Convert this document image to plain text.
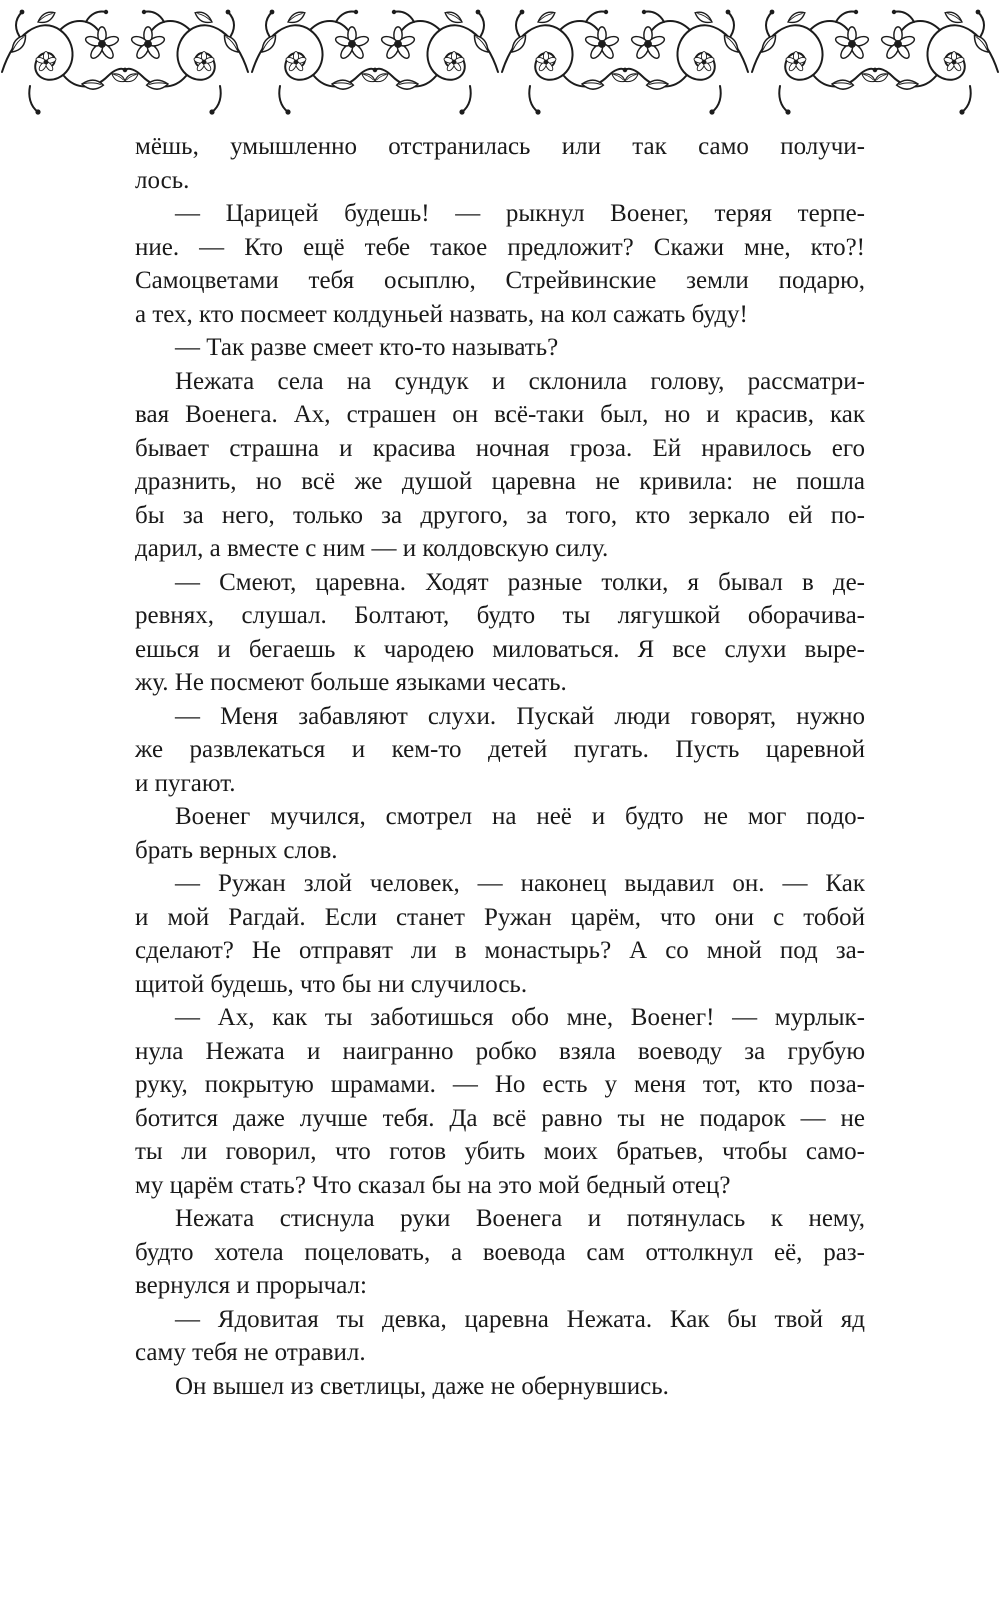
мёшь, умышленно отстранилась или так само получи-
лось.
— Царицей будешь! — рыкнул Военег, теряя терпе-
ние. — Кто ещё тебе такое предложит? Скажи мне, кто?!
Самоцветами тебя осыплю, Стрейвинские земли подарю,
а тех, кто посмеет колдуньей назвать, на кол сажать буду!
— Так разве смеет кто-то называть?
Нежата села на сундук и склонила голову, рассматри-
вая Военега. Ах, страшен он всё-таки был, но и красив, как
бывает страшна и красива ночная гроза. Ей нравилось его
дразнить, но всё же душой царевна не кривила: не пошла
бы за него, только за другого, за того, кто зеркало ей по-
дарил, а вместе с ним — и колдовскую силу.
— Смеют, царевна. Ходят разные толки, я бывал в де-
ревнях, слушал. Болтают, будто ты лягушкой оборачива-
ешься и бегаешь к чародею миловаться. Я все слухи выре-
жу. Не посмеют больше языками чесать.
— Меня забавляют слухи. Пускай люди говорят, нужно
же развлекаться и кем-то детей пугать. Пусть царевной
и пугают.
Военег мучился, смотрел на неё и будто не мог подо-
брать верных слов.
— Ружан злой человек, — наконец выдавил он. — Как
и мой Рагдай. Если станет Ружан царём, что они с тобой
сделают? Не отправят ли в монастырь? А со мной под за-
щитой будешь, что бы ни случилось.
— Ах, как ты заботишься обо мне, Военег! — мурлык-
нула Нежата и наигранно робко взяла воеводу за грубую
руку, покрытую шрамами. — Но есть у меня тот, кто поза-
ботится даже лучше тебя. Да всё равно ты не подарок — не
ты ли говорил, что готов убить моих братьев, чтобы само-
му царём стать? Что сказал бы на это мой бедный отец?
Нежата стиснула руки Военега и потянулась к нему,
будто хотела поцеловать, а воевода сам оттолкнул её, раз-
вернулся и прорычал:
— Ядовитая ты девка, царевна Нежата. Как бы твой яд
саму тебя не отравил.
Он вышел из светлицы, даже не обернувшись.
